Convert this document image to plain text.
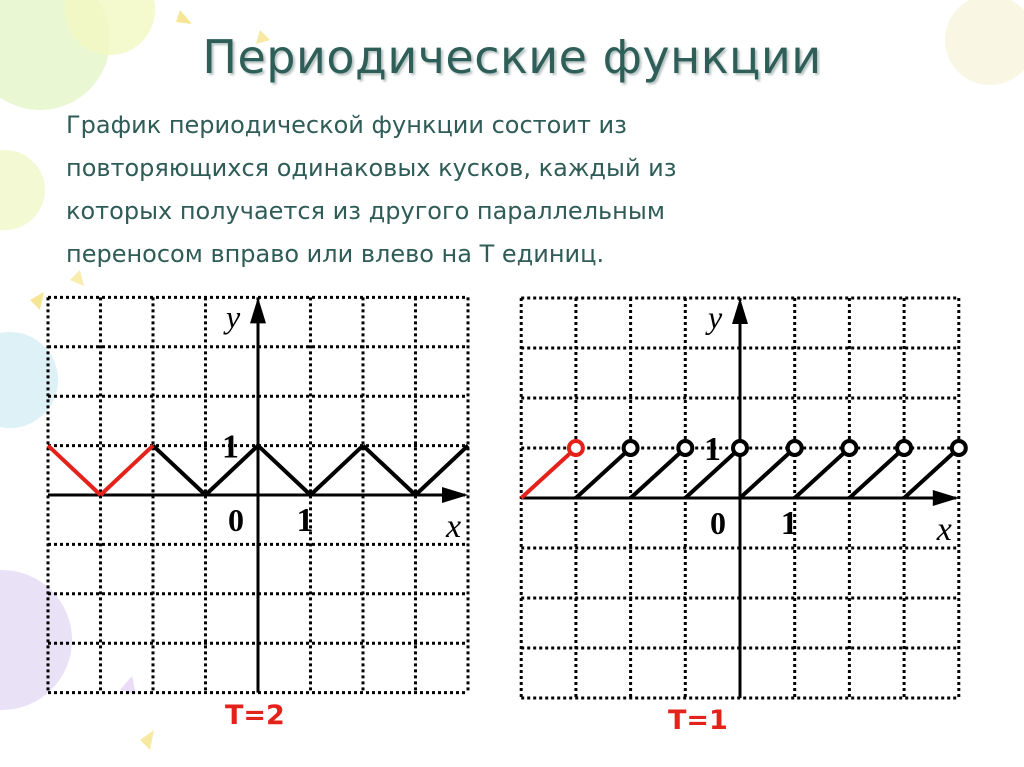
Периодические функции
График периодической функции состоит из
повторяющихся одинаковых кусков, каждый из
которых получается из другого параллельным
переносом вправо или влево на Т единиц.
y
x
0 1
1
Т=2
y
x
0 1
1
Т=1
